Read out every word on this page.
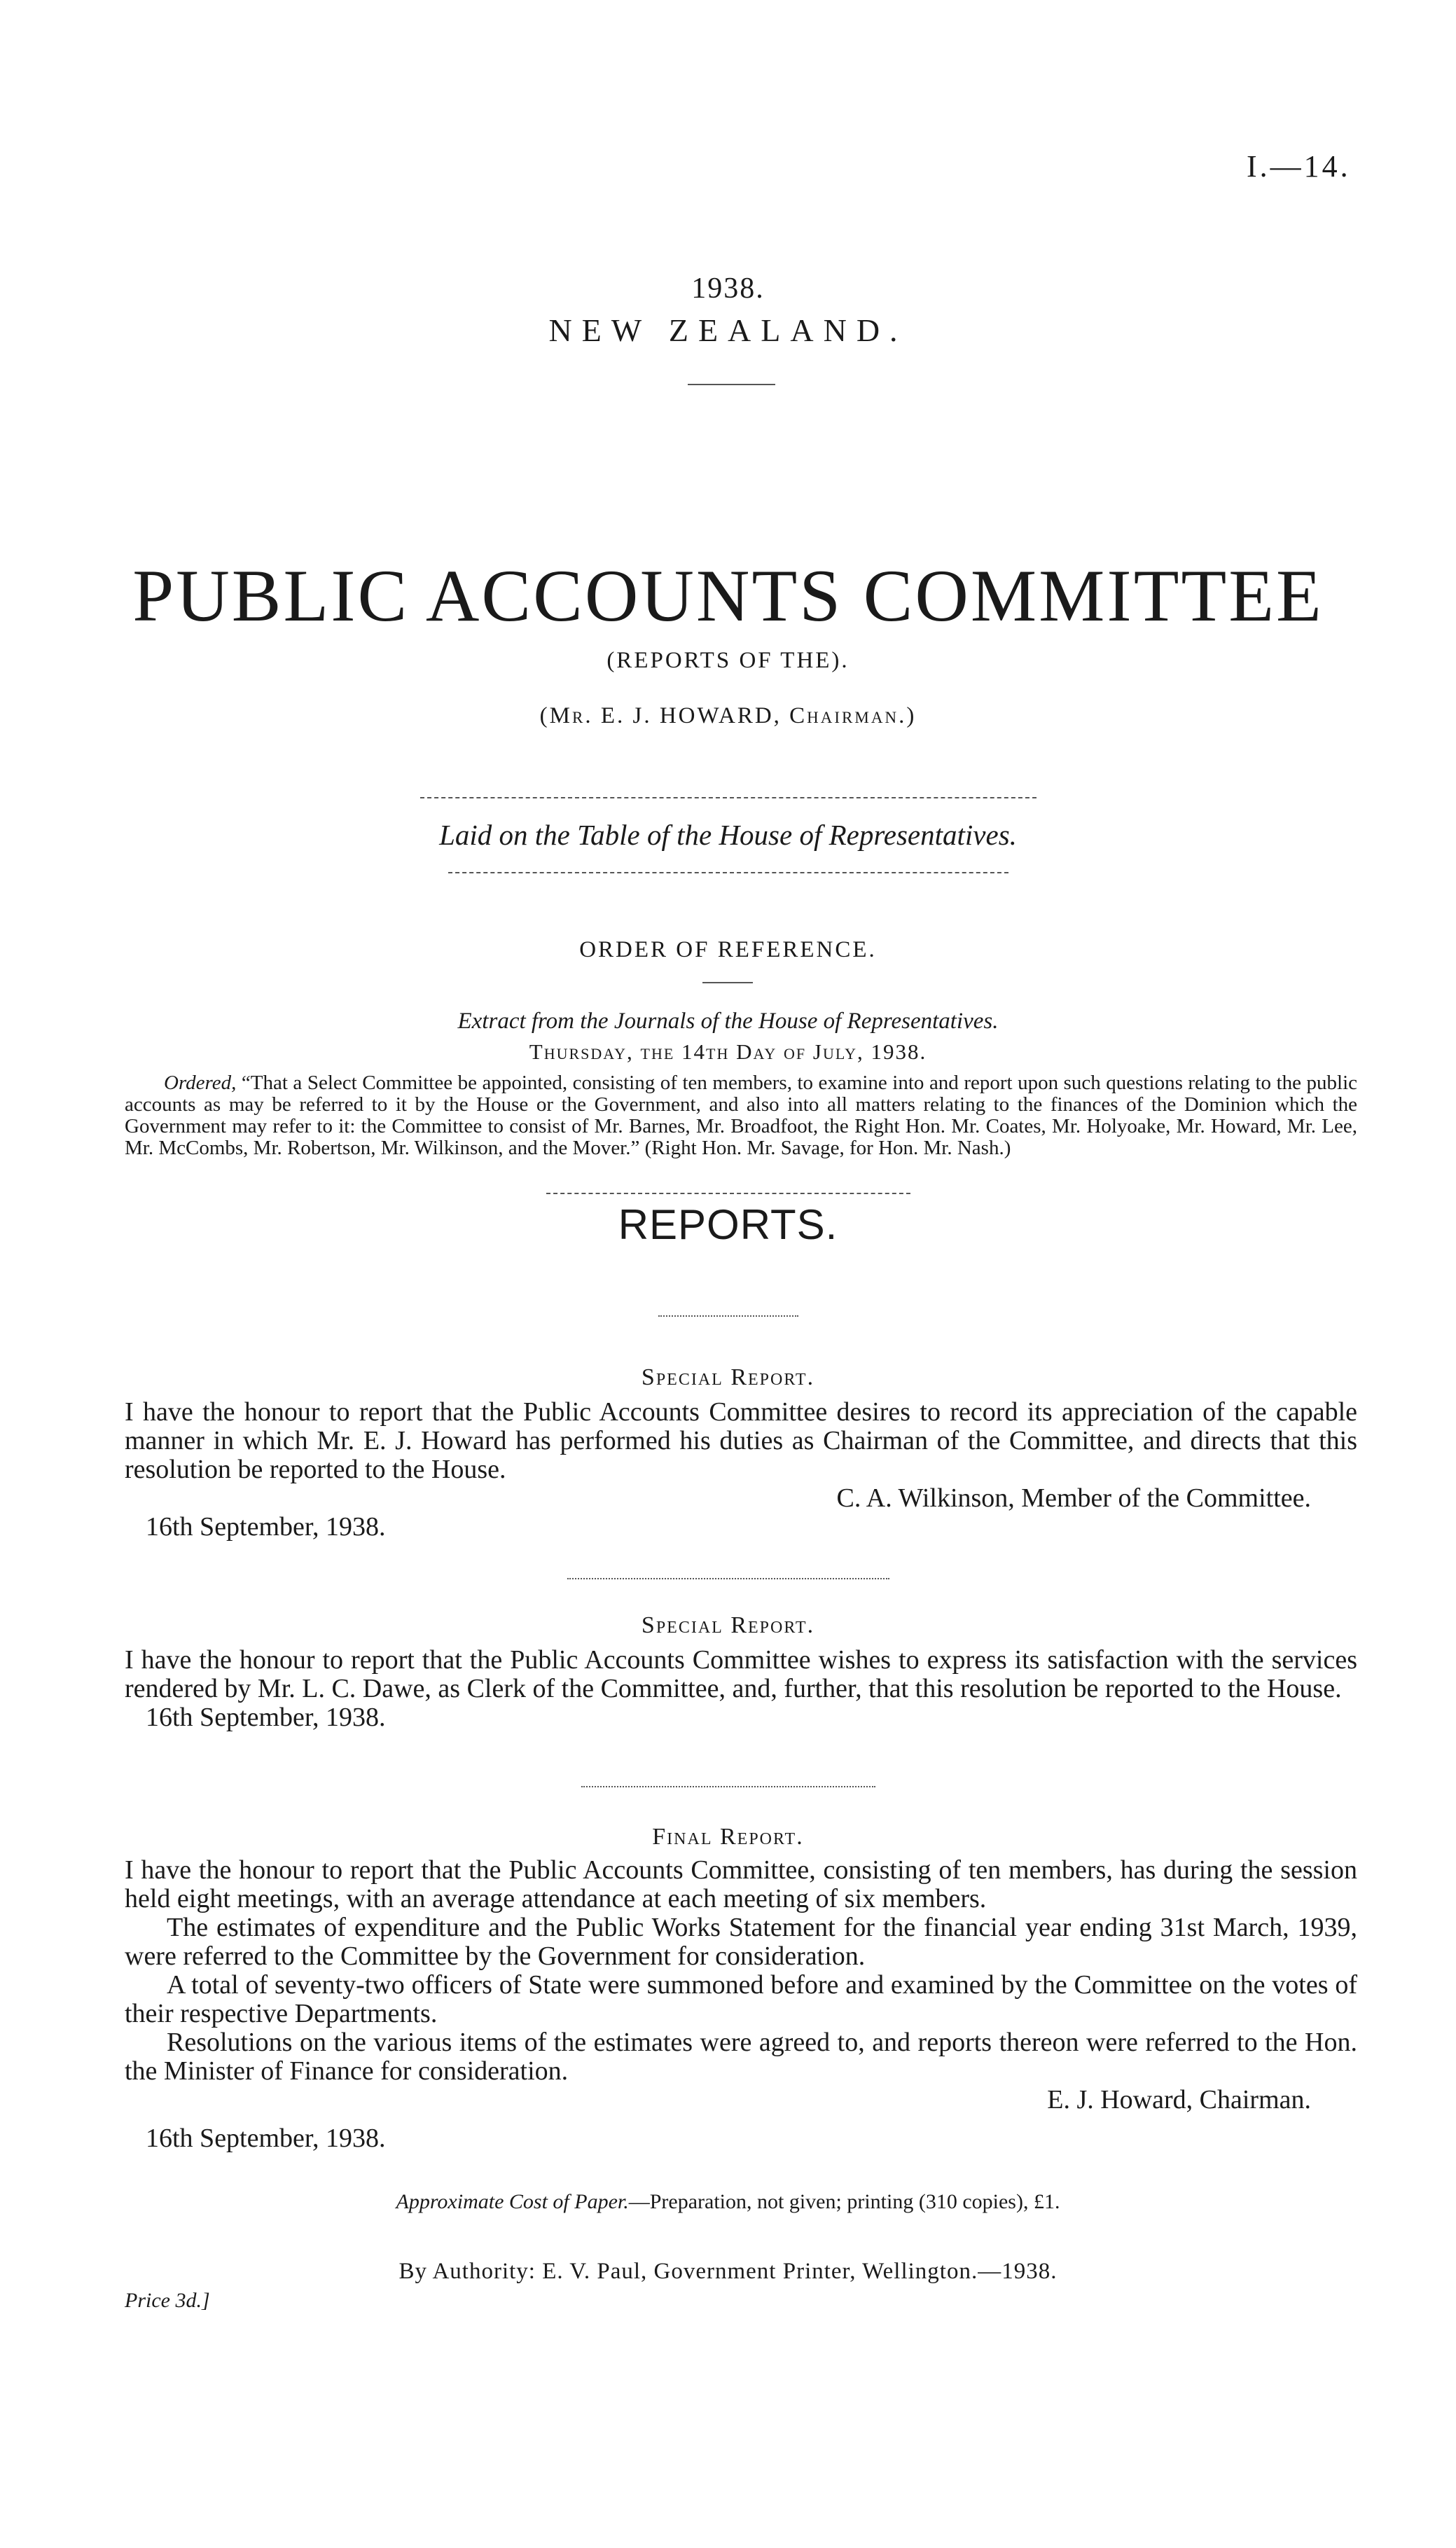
I.—14.
1938.
NEW ZEALAND.
PUBLIC ACCOUNTS COMMITTEE
(REPORTS OF THE).
(Mr. E. J. HOWARD, Chairman.)
Laid on the Table of the House of Representatives.
ORDER OF REFERENCE.
Extract from the Journals of the House of Representatives.
Thursday, the 14th Day of July, 1938.
Ordered, “That a Select Committee be appointed, consisting of ten members, to examine into and report upon such questions relating to the public accounts as may be referred to it by the House or the Government, and also into all matters relating to the finances of the Dominion which the Government may refer to it: the Committee to consist of Mr. Barnes, Mr. Broadfoot, the Right Hon. Mr. Coates, Mr. Holyoake, Mr. Howard, Mr. Lee, Mr. McCombs, Mr. Robertson, Mr. Wilkinson, and the Mover.” (Right Hon. Mr. Savage, for Hon. Mr. Nash.)
REPORTS.
Special Report.

I have the honour to report that the Public Accounts Committee desires to record its appreciation of the capable manner in which Mr. E. J. Howard has performed his duties as Chairman of the Committee, and directs that this resolution be reported to the House.

C. A. Wilkinson, Member of the Committee.

16th September, 1938.

Special Report.

I have the honour to report that the Public Accounts Committee wishes to express its satisfaction with the services rendered by Mr. L. C. Dawe, as Clerk of the Committee, and, further, that this resolution be reported to the House.

16th September, 1938.

Final Report.

I have the honour to report that the Public Accounts Committee, consisting of ten members, has during the session held eight meetings, with an average attendance at each meeting of six members.

The estimates of expenditure and the Public Works Statement for the financial year ending 31st March, 1939, were referred to the Committee by the Government for consideration.

A total of seventy-two officers of State were summoned before and examined by the Committee on the votes of their respective Departments.

Resolutions on the various items of the estimates were agreed to, and reports thereon were referred to the Hon. the Minister of Finance for consideration.

E. J. Howard, Chairman.

16th September, 1938.

Approximate Cost of Paper.—Preparation, not given; printing (310 copies), £1.
By Authority: E. V. Paul, Government Printer, Wellington.—1938.
Price 3d.]
